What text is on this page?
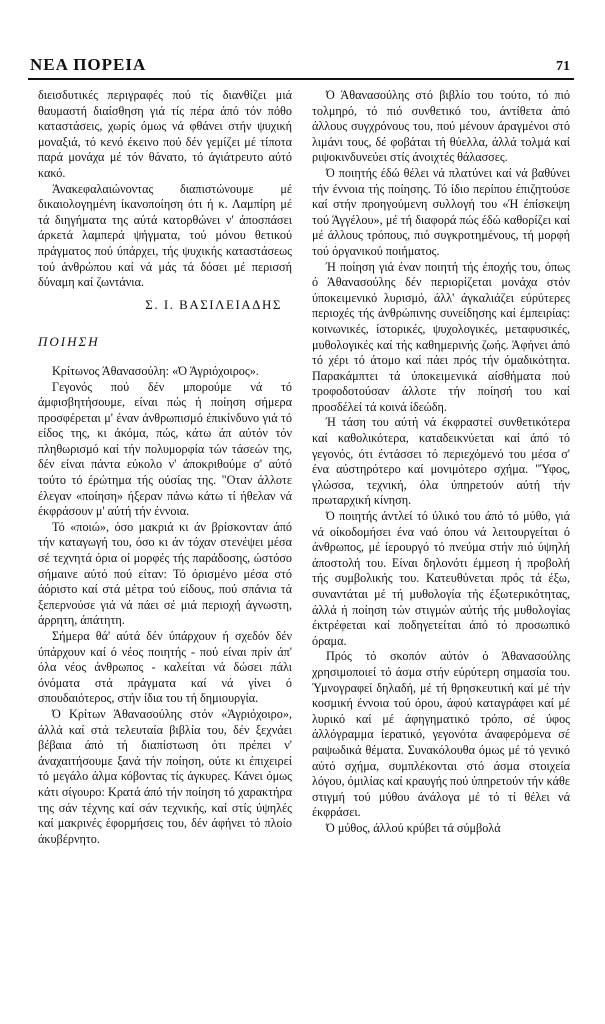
ΝΕΑ ΠΟΡΕΙΑ	71

διεισδυτικές περιγραφές πού τίς διανθίζει μιά θαυμαστή διαίσθηση γιά τίς πέρα άπό τόν πόθο καταστάσεις, χωρίς όμως νά φθάνει στήν ψυχική μοναξιά, τό κενό έκεινο πού δέν γεμίζει μέ τίποτα παρά μονάχα μέ τόν θάνατο, τό άγιάτρευτο αύτό κακό.

Άνακεφαλαιώνοντας διαπιστώνουμε μέ δικαιολογημένη ίκανοποίηση ότι ή κ. Λαμπίρη μέ τά διηγήματα της αύτά κατορθώνει ν' άποσπάσει άρκετά λαμπερά ψήγματα, τού μόνου θετικού πράγματος πού ύπάρχει, τής ψυχικής καταστάσεως τού άνθρώπου καί νά μάς τά δόσει μέ περισσή δύναμη καί ζωντάνια.

Σ. Ι. ΒΑΣΙΛΕΙΑΔΗΣ
ΠΟΙΗΣΗ

Κρίτωνος Άθανασούλη: «Ό Άγριόχοιρος».

Γεγονός πού δέν μπορούμε νά τό άμφισβητήσουμε, είναι πώς ή ποίηση σήμερα προσφέρεται μ' έναν άνθρωπισμό έπικίνδυνο γιά τό είδος της, κι άκόμα, πώς, κάτω άπ αύτόν τόν πληθωρισμό καί τήν πολυμορφία τών τάσεών της, δέν είναι πάντα εύκολο ν' άποκριθούμε σ' αύτό τούτο τό έρώτημα τής ούσίας της. "Οταν άλλοτε έλεγαν «ποίηση» ήξεραν πάνω κάτω τί ήθελαν νά έκφράσουν μ' αύτή τήν έννοια.

Τό «ποιώ», όσο μακριά κι άν βρίσκονταν άπό τήν καταγωγή του, όσο κι άν τόχαν στενέψει μέσα σέ τεχνητά όρια οί μορφές τής παράδοσης, ώστόσο σήμαινε αύτό πού είταν: Τό όρισμένο μέσα στό άόριστο καί στά μέτρα τού είδους, πού σπάνια τά ξεπερνούσε γιά νά πάει σέ μιά περιοχή άγνωστη, άρρητη, άπάτητη.

Σήμερα θά' αύτά δέν ύπάρχουν ή σχεδόν δέν ύπάρχουν καί ό νέος ποιητής - πού είναι πρίν άπ' όλα νέος άνθρωπος - καλείται νά δώσει πάλι όνόματα στά πράγματα καί νά γίνει ό σπουδαιότερος, στήν ίδια του τή δημιουργία.

Ό Κρίτων Άθανασούλης στόν «Άγριόχοιρο», άλλά καί στά τελευταία βιβλία του, δέν ξεχνάει βέβαια άπό τή διαπίστωση ότι πρέπει ν' άναχαιτήσουμε ξανά τήν ποίηση, ούτε κι έπιχειρεί τό μεγάλο άλμα κόβοντας τίς άγκυρες. Κάνει όμως κάτι σίγουρο: Κρατά άπό τήν ποίηση τό χαρακτήρα της σάν τέχνης καί σάν τεχνικής, καί στίς ύψηλές καί μακρινές έφορμήσεις του, δέν άφήνει τό πλοίο άκυβέρνητο.

Ό Άθανασούλης στό βιβλίο του τούτο, τό πιό τολμηρό, τό πιό συνθετικό του, άντίθετα άπό άλλους συγχρόνους του, πού μένουν άραγμένοι στό λιμάνι τους, δέ φοβάται τή θύελλα, άλλά τολμά καί ριψοκινδυνεύει στίς άνοιχτές θάλασσες.

Ό ποιητής έδώ θέλει νά πλατύνει καί νά βαθύνει τήν έννοια τής ποίησης. Τό ίδιο περίπου έπιζητούσε καί στήν προηγούμενη συλλογή του «Ή έπίσκεψη τού Άγγέλου», μέ τή διαφορά πώς έδώ καθορίζει καί μέ άλλους τρόπους, πιό συγκροτημένους, τή μορφή τού όργανικού ποιήματος.

Ή ποίηση γιά έναν ποιητή τής έποχής του, όπως ό Άθανασούλης δέν περιορίζεται μονάχα στόν ύποκειμενικό λυρισμό, άλλ' άγκαλιάζει εύρύτερες περιοχές τής άνθρώπινης συνείδησης καί έμπειρίας: κοινωνικές, ίστορικές, ψυχολογικές, μεταφυσικές, μυθολογικές καί τής καθημερινής ζωής. Άφήνει άπό τό χέρι τό άτομο καί πάει πρός τήν όμαδικότητα. Παρακάμπτει τά ύποκειμενικά αίσθήματα πού τροφοδοτούσαν άλλοτε τήν ποίησή του καί προσδέλεί τά κοινά ίδεώδη.

Ή τάση του αύτή νά έκφραστεί συνθετικότερα καί καθολικότερα, καταδεικνύεται καί άπό τό γεγονός, ότι έντάσσει τό περιεχόμενό του μέσα σ' ένα αύστηρότερο καί μονιμότερο σχήμα. "Ύφος, γλώσσα, τεχνική, όλα ύπηρετούν αύτή τήν πρωταρχική κίνηση.

Ό ποιητής άντλεί τό ύλικό του άπό τό μύθο, γιά νά οίκοδομήσει ένα ναό όπου νά λειτουργείται ό άνθρωπος, μέ ίερουργό τό πνεύμα στήν πιό ύψηλή άποστολή του. Είναι δηλονότι έμμεση ή προβολή τής συμβολικής του. Κατευθύνεται πρός τά έξω, συναντάται μέ τή μυθολογία τής έξωτερικότητας, άλλά ή ποίηση τών στιγμών αύτής τής μυθολογίας έκτρέφεται καί ποδηγετείται άπό τό προσωπικό όραμα.

Πρός τό σκοπόν αύτόν ό Άθανασούλης χρησιμοποιεί τό άσμα στήν εύρύτερη σημασία του. Ύμνογραφεί δηλαδή, μέ τή θρησκευτική καί μέ τήν κοσμική έννοια τού όρου, άφού καταγράφει καί μέ λυρικό καί μέ άφηγηματικό τρόπο, σέ ύφος άλλόγραμμα ίερατικό, γεγονότα άναφερόμενα σέ ραψωδικά θέματα. Συνακόλουθα όμως μέ τό γενικό αύτό σχήμα, συμπλέκονται στό άσμα στοιχεία λόγου, όμιλίας καί κραυγής πού ύπηρετούν τήν κάθε στιγμή τού μύθου άνάλογα μέ τό τί θέλει νά έκφράσει.

Ό μύθος, άλλού κρύβει τά σύμβολά
